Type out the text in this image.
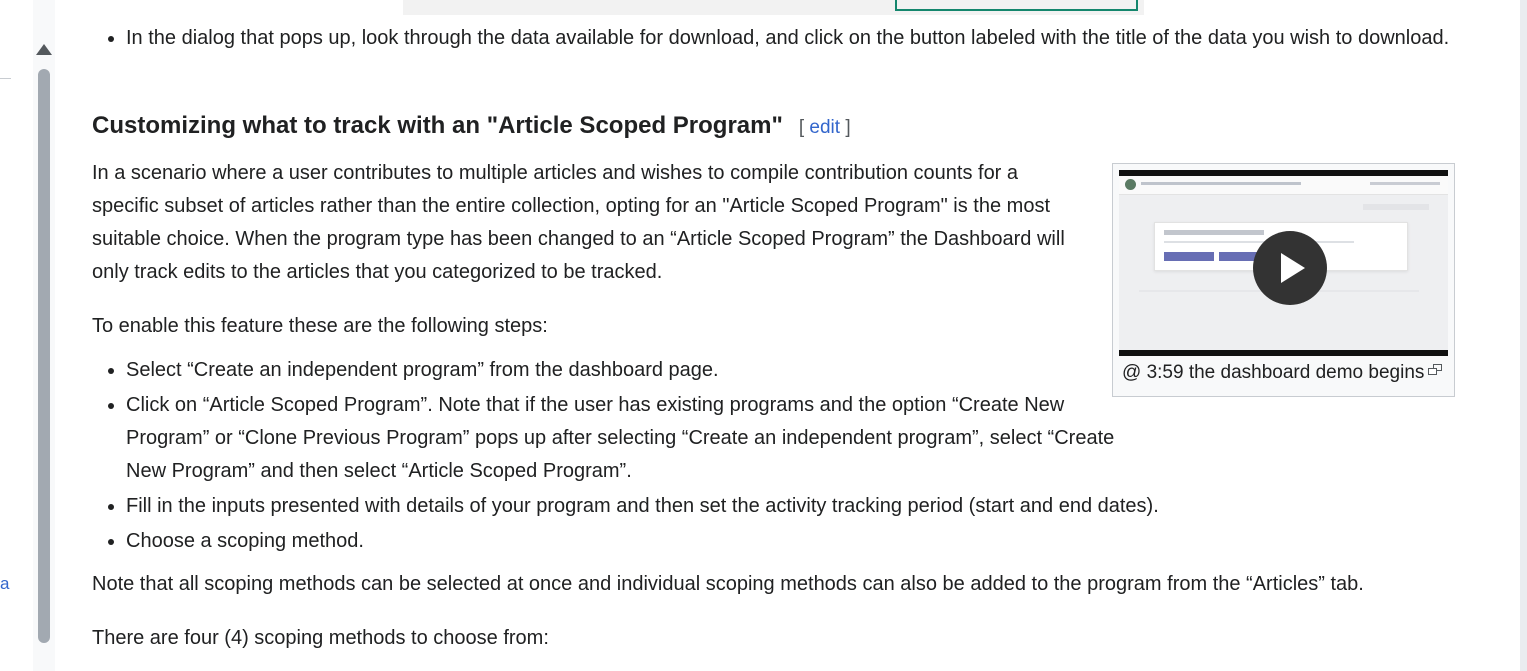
a
• In the dialog that pops up, look through the data available for download, and click on the button labeled with the title of the data you wish to download.
Customizing what to track with an "Article Scoped Program" [ edit ]

In a scenario where a user contributes to multiple articles and wishes to compile contribution counts for a specific subset of articles rather than the entire collection, opting for an "Article Scoped Program" is the most suitable choice. When the program type has been changed to an “Article Scoped Program” the Dashboard will only track edits to the articles that you categorized to be tracked.

To enable this feature these are the following steps:

• Select “Create an independent program” from the dashboard page.
• Click on “Article Scoped Program”. Note that if the user has existing programs and the option “Create New Program” or “Clone Previous Program” pops up after selecting “Create an independent program”, select “Create New Program” and then select “Article Scoped Program”.
• Fill in the inputs presented with details of your program and then set the activity tracking period (start and end dates).
• Choose a scoping method.

Note that all scoping methods can be selected at once and individual scoping methods can also be added to the program from the “Articles” tab.

There are four (4) scoping methods to choose from:

@ 3:59 the dashboard demo begins
